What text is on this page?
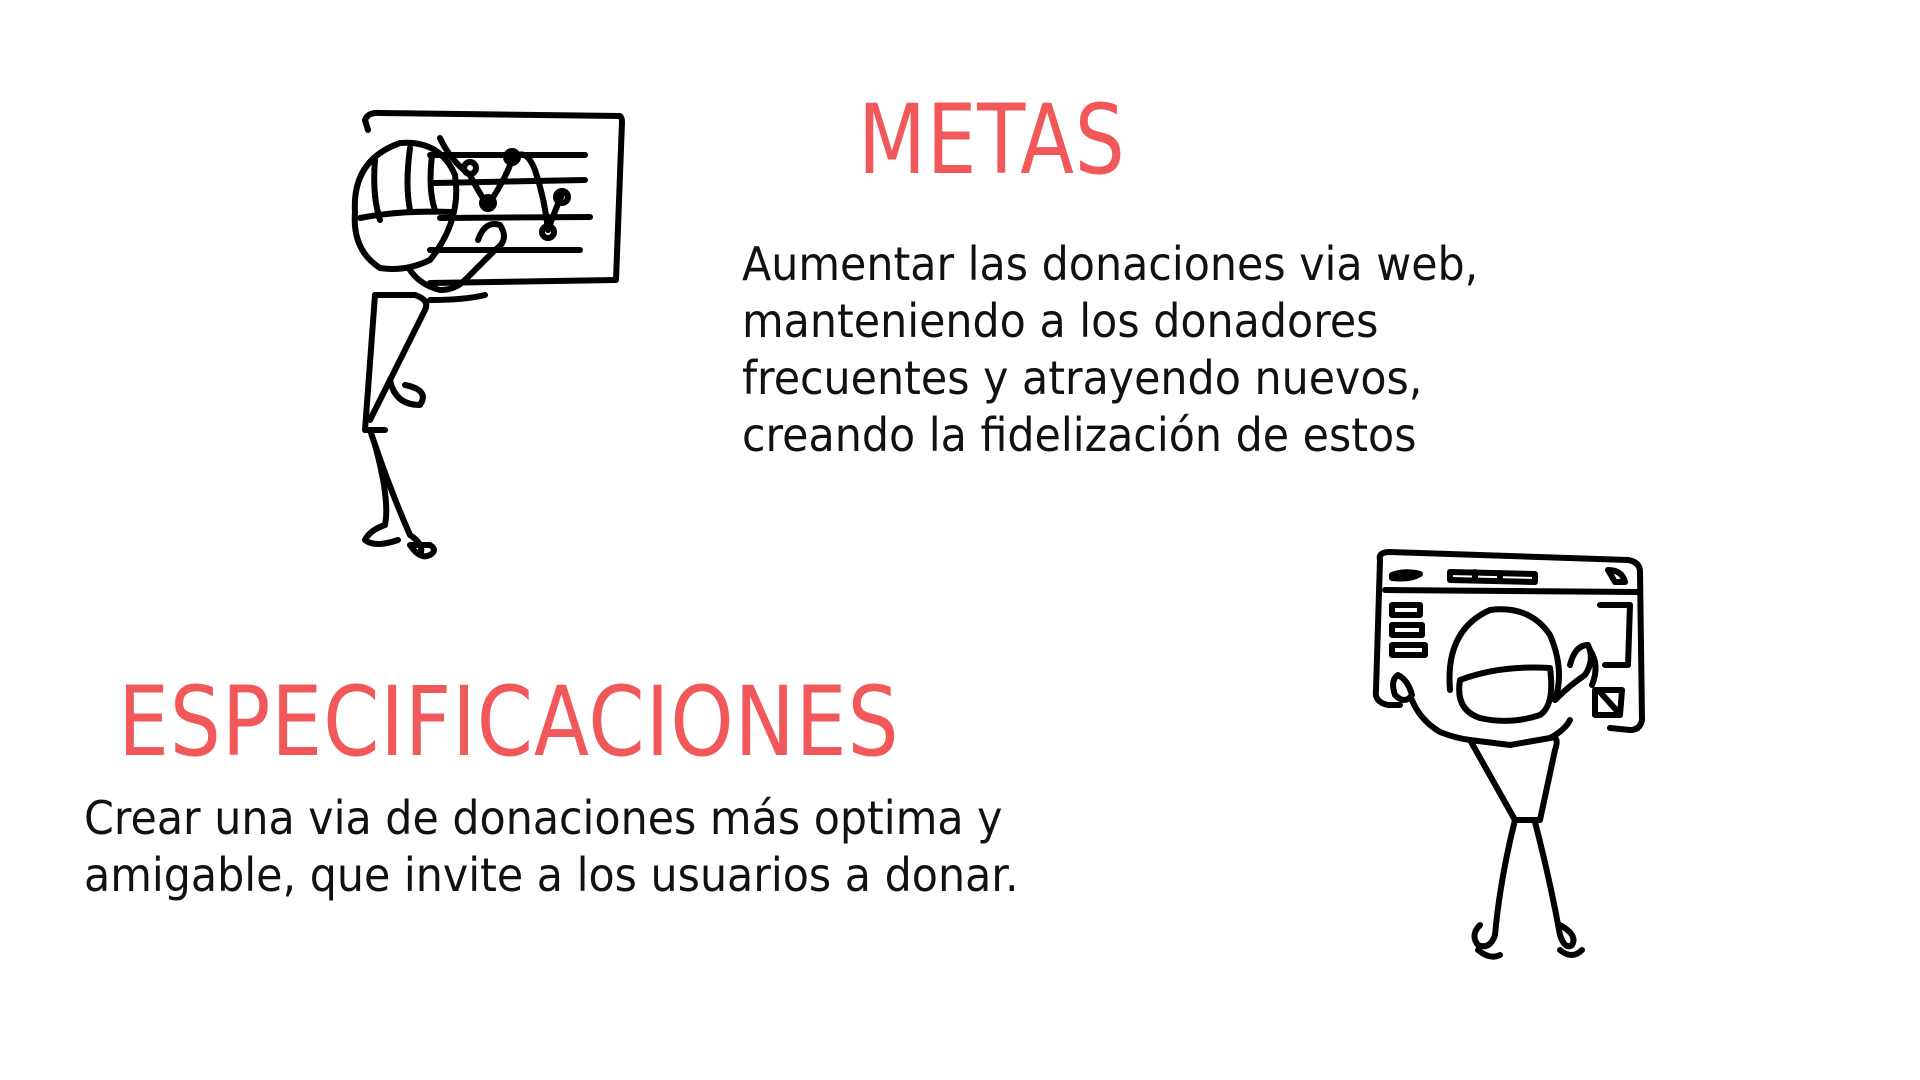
METAS

Aumentar las donaciones via web,
manteniendo a los donadores
frecuentes y atrayendo nuevos,
creando la fidelización de estos

ESPECIFICACIONES

Crear una via de donaciones más optima y
amigable, que invite a los usuarios a donar.
